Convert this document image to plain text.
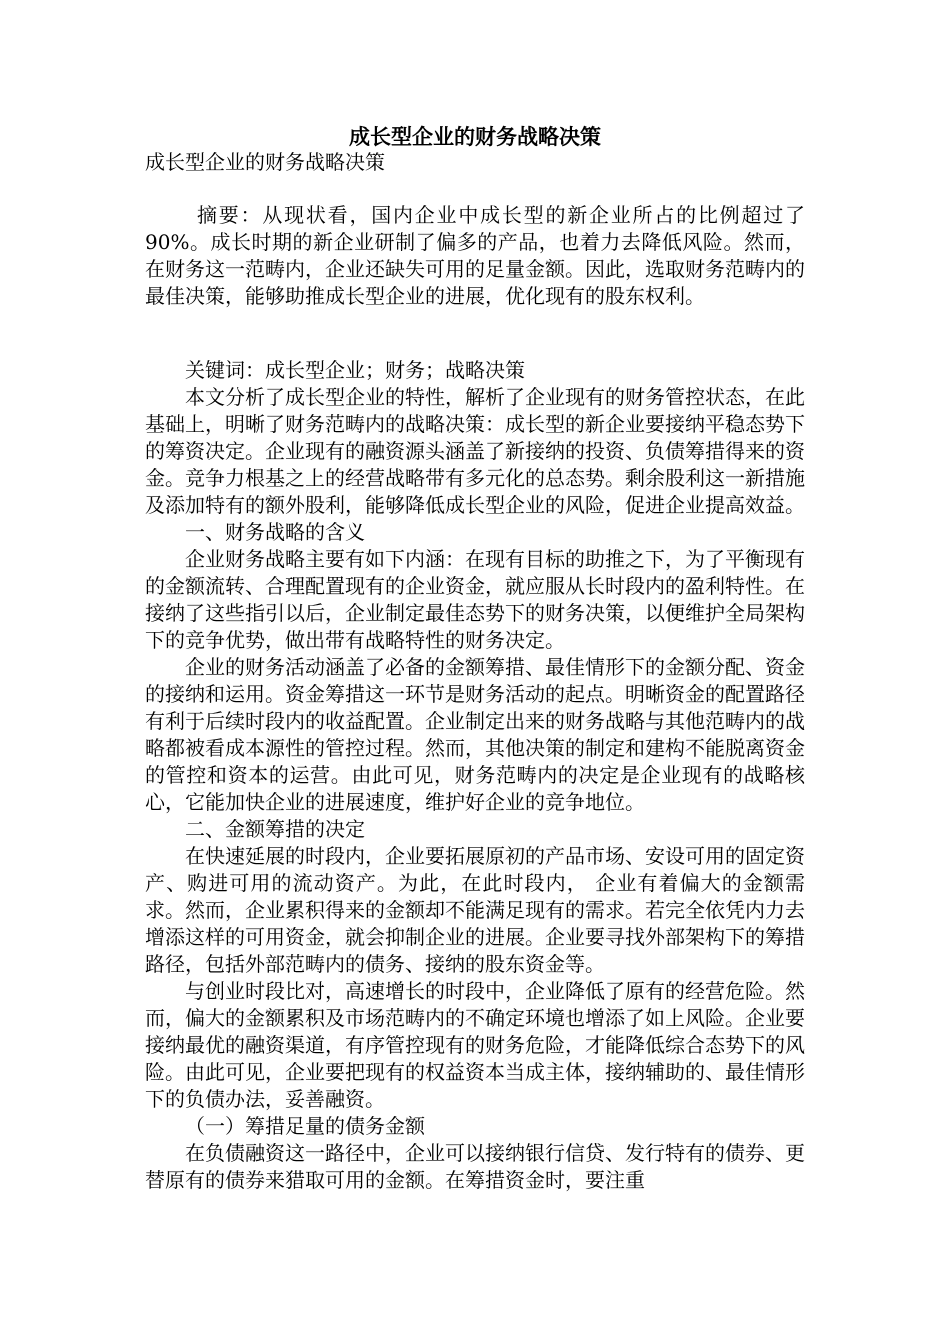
成长型企业的财务战略决策
成长型企业的财务战略决策

摘要：从现状看，国内企业中成长型的新企业所占的比例超过了 90%。成长时期的新企业研制了偏多的产品，也着力去降低风险。然而，在财务这一范畴内，企业还缺失可用的足量金额。因此，选取财务范畴内的最佳决策，能够助推成长型企业的进展，优化现有的股东权利。

关键词：成长型企业；财务；战略决策

本文分析了成长型企业的特性，解析了企业现有的财务管控状态，在此基础上，明晰了财务范畴内的战略决策：成长型的新企业要接纳平稳态势下的筹资决定。企业现有的融资源头涵盖了新接纳的投资、负债筹措得来的资金。竞争力根基之上的经营战略带有多元化的总态势。剩余股利这一新措施及添加特有的额外股利，能够降低成长型企业的风险，促进企业提高效益。

一、财务战略的含义

企业财务战略主要有如下内涵：在现有目标的助推之下，为了平衡现有的金额流转、合理配置现有的企业资金，就应服从长时段内的盈利特性。在接纳了这些指引以后，企业制定最佳态势下的财务决策，以便维护全局架构下的竞争优势，做出带有战略特性的财务决定。

企业的财务活动涵盖了必备的金额筹措、最佳情形下的金额分配、资金的接纳和运用。资金筹措这一环节是财务活动的起点。明晰资金的配置路径有利于后续时段内的收益配置。企业制定出来的财务战略与其他范畴内的战略都被看成本源性的管控过程。然而，其他决策的制定和建构不能脱离资金的管控和资本的运营。由此可见，财务范畴内的决定是企业现有的战略核心，它能加快企业的进展速度，维护好企业的竞争地位。

二、金额筹措的决定

在快速延展的时段内，企业要拓展原初的产品市场、安设可用的固定资产、购进可用的流动资产。为此，在此时段内， 企业有着偏大的金额需求。然而，企业累积得来的金额却不能满足现有的需求。若完全依凭内力去增添这样的可用资金，就会抑制企业的进展。企业要寻找外部架构下的筹措路径，包括外部范畴内的债务、接纳的股东资金等。

与创业时段比对，高速增长的时段中，企业降低了原有的经营危险。然而，偏大的金额累积及市场范畴内的不确定环境也增添了如上风险。企业要接纳最优的融资渠道，有序管控现有的财务危险，才能降低综合态势下的风险。由此可见，企业要把现有的权益资本当成主体，接纳辅助的、最佳情形下的负债办法，妥善融资。

（一）筹措足量的债务金额

在负债融资这一路径中，企业可以接纳银行信贷、发行特有的债券、更替原有的债券来猎取可用的金额。在筹措资金时，要注重
